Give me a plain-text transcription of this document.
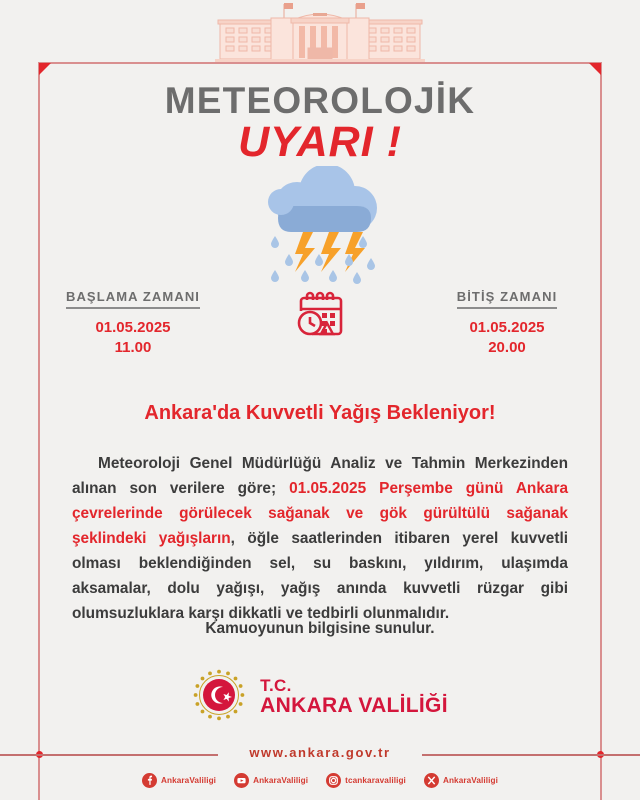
METEOROLOJİK
UYARI !
BAŞLAMA ZAMANI
01.05.2025
11.00
BİTİŞ ZAMANI
01.05.2025
20.00
Ankara'da Kuvvetli Yağış Bekleniyor!
Meteoroloji Genel Müdürlüğü Analiz ve Tahmin Merkezinden alınan son verilere göre; 01.05.2025 Perşembe günü Ankara çevrelerinde görülecek sağanak ve gök gürültülü sağanak şeklindeki yağışların, öğle saatlerinden itibaren yerel kuvvetli olması beklendiğinden sel, su baskını, yıldırım, ulaşımda aksamalar, dolu yağışı, yağış anında kuvvetli rüzgar gibi olumsuzluklara karşı dikkatli ve tedbirli olunmalıdır.
Kamuoyunun bilgisine sunulur.
T.C.
ANKARA VALİLİĞİ
www.ankara.gov.tr
AnkaraValiligi	AnkaraValiligi	tcankaravaliligi	AnkaraValiligi
